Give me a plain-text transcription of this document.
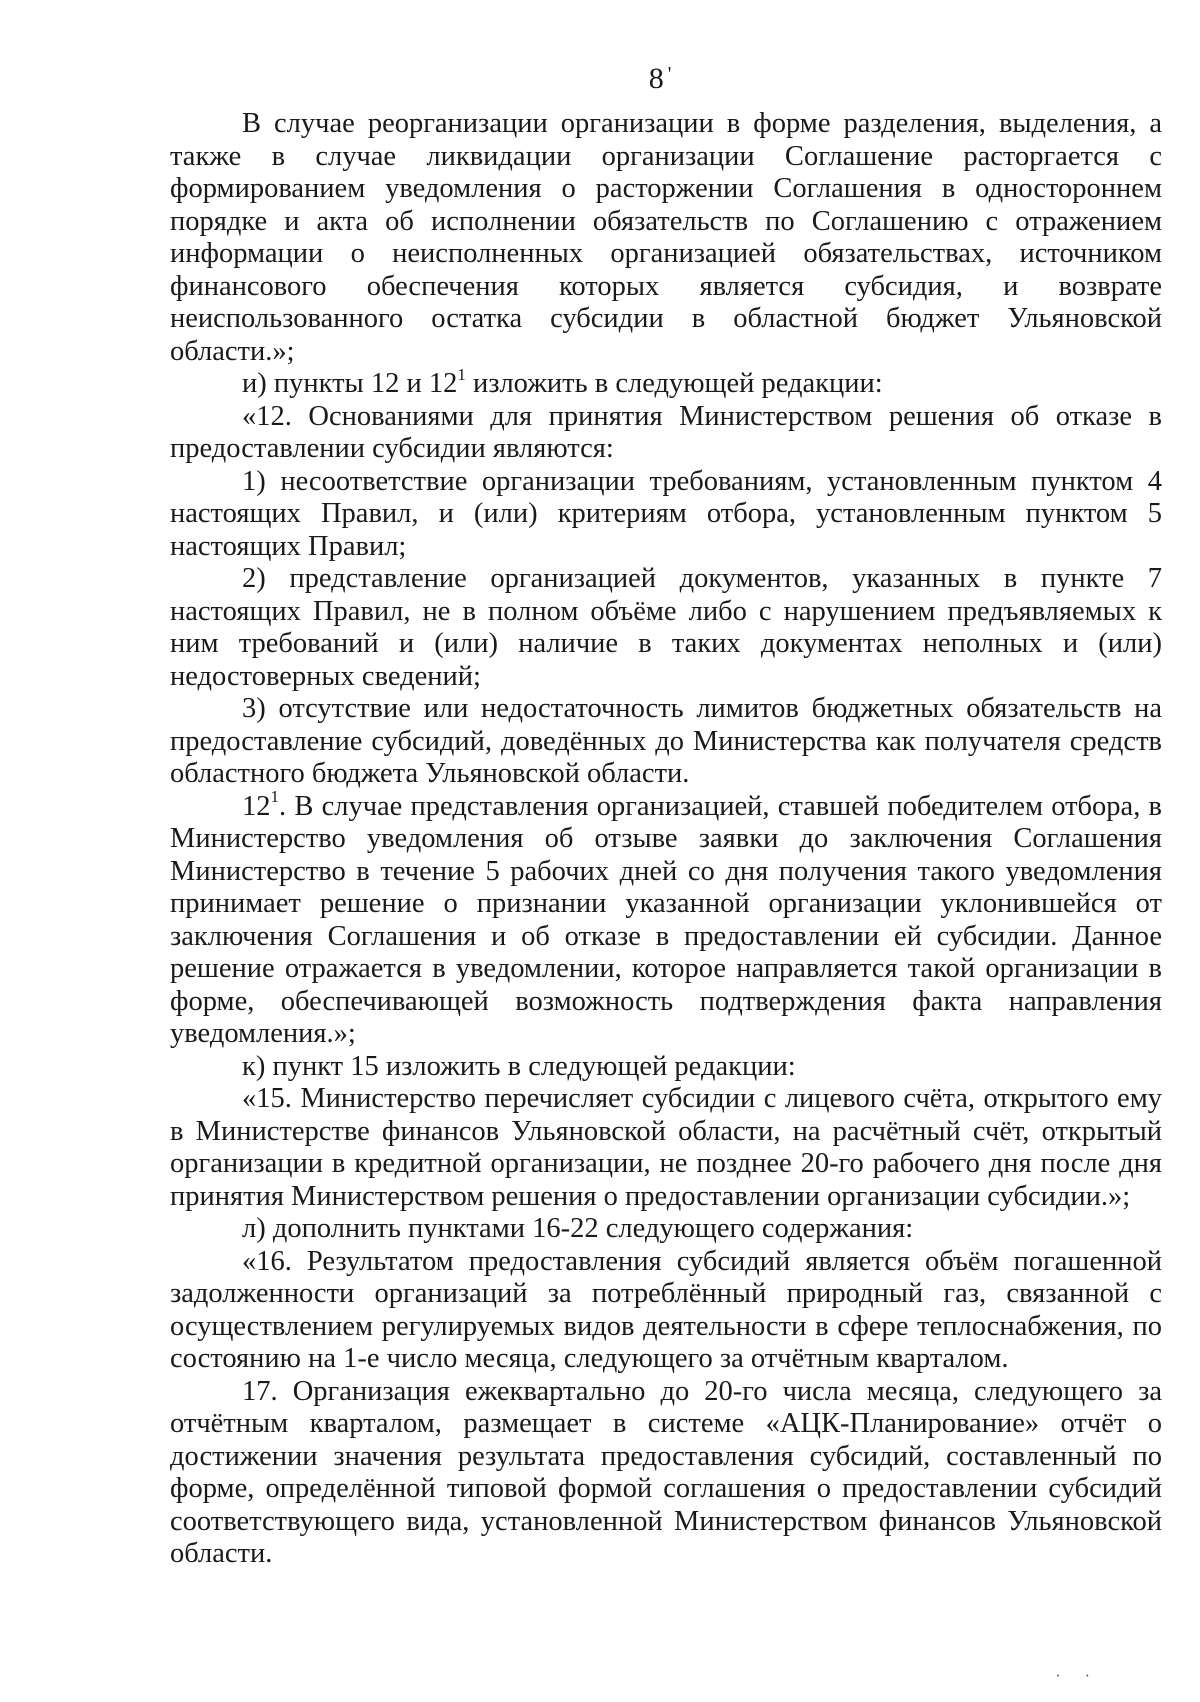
8 '

В случае реорганизации организации в форме разделения, выделения, а также в случае ликвидации организации Соглашение расторгается с формированием уведомления о расторжении Соглашения в одностороннем порядке и акта об исполнении обязательств по Соглашению с отражением информации о неисполненных организацией обязательствах, источником финансового обеспечения которых является субсидия, и возврате неиспользованного остатка субсидии в областной бюджет Ульяновской области.»;

и) пункты 12 и $12^1$ изложить в следующей редакции:

«12. Основаниями для принятия Министерством решения об отказе в предоставлении субсидии являются:

1) несоответствие организации требованиям, установленным пунктом 4 настоящих Правил, и (или) критериям отбора, установленным пунктом 5 настоящих Правил;

2) представление организацией документов, указанных в пункте 7 настоящих Правил, не в полном объёме либо с нарушением предъявляемых к ним требований и (или) наличие в таких документах неполных и (или) недостоверных сведений;

3) отсутствие или недостаточность лимитов бюджетных обязательств на предоставление субсидий, доведённых до Министерства как получателя средств областного бюджета Ульяновской области.

$12^1$. В случае представления организацией, ставшей победителем отбора, в Министерство уведомления об отзыве заявки до заключения Соглашения Министерство в течение 5 рабочих дней со дня получения такого уведомления принимает решение о признании указанной организации уклонившейся от заключения Соглашения и об отказе в предоставлении ей субсидии. Данное решение отражается в уведомлении, которое направляется такой организации в форме, обеспечивающей возможность подтверждения факта направления уведомления.»;

к) пункт 15 изложить в следующей редакции:

«15. Министерство перечисляет субсидии с лицевого счёта, открытого ему в Министерстве финансов Ульяновской области, на расчётный счёт, открытый организации в кредитной организации, не позднее 20-го рабочего дня после дня принятия Министерством решения о предоставлении организации субсидии.»;

л) дополнить пунктами 16-22 следующего содержания:

«16. Результатом предоставления субсидий является объём погашенной задолженности организаций за потреблённый природный газ, связанной с осуществлением регулируемых видов деятельности в сфере теплоснабжения, по состоянию на 1-е число месяца, следующего за отчётным кварталом.

17. Организация ежеквартально до 20-го числа месяца, следующего за отчётным кварталом, размещает в системе «АЦК-Планирование» отчёт о достижении значения результата предоставления субсидий, составленный по форме, определённой типовой формой соглашения о предоставлении субсидий соответствующего вида, установленной Министерством финансов Ульяновской области.

· ·
